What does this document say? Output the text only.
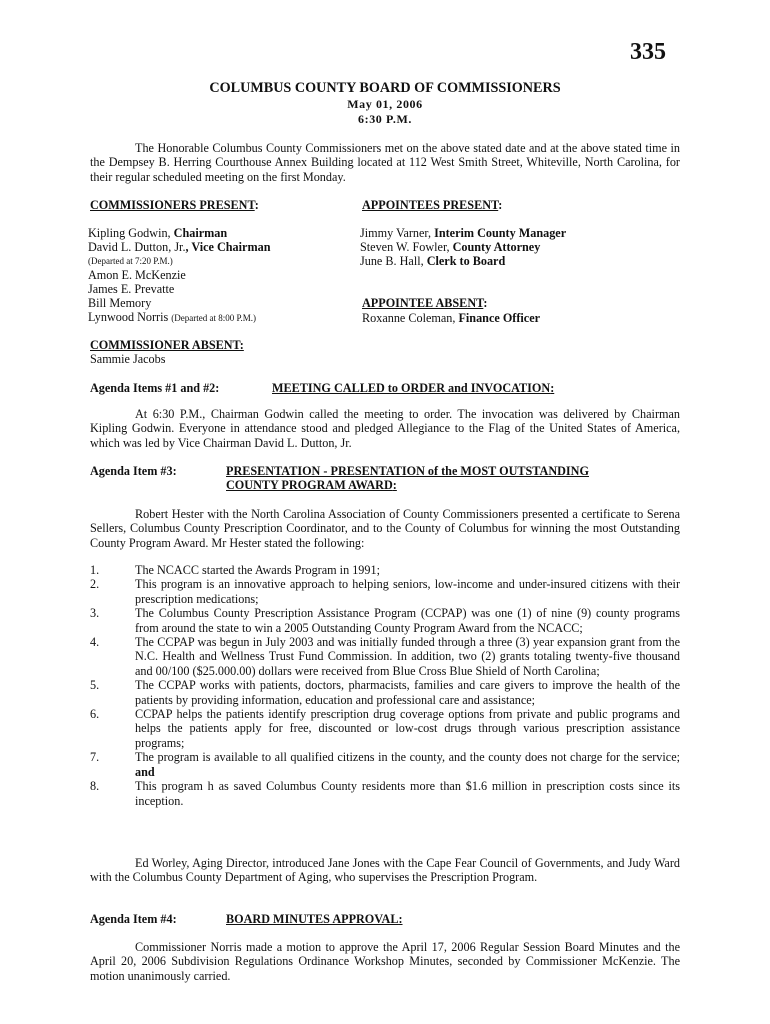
335
COLUMBUS COUNTY BOARD OF COMMISSIONERS
May 01, 2006
6:30 P.M.

The Honorable Columbus County Commissioners met on the above stated date and at the above stated time in the Dempsey B. Herring Courthouse Annex Building located at 112 West Smith Street, Whiteville, North Carolina, for their regular scheduled meeting on the first Monday.

COMMISSIONERS PRESENT:
Kipling Godwin, Chairman
David L. Dutton, Jr., Vice Chairman
(Departed at 7:20 P.M.)
Amon E. McKenzie
James E. Prevatte
Bill Memory
Lynwood Norris (Departed at 8:00 P.M.)
APPOINTEES PRESENT:
Jimmy Varner, Interim County Manager
Steven W. Fowler, County Attorney
June B. Hall, Clerk to Board
APPOINTEE ABSENT:
Roxanne Coleman, Finance Officer
COMMISSIONER ABSENT:
Sammie Jacobs
Agenda Items #1 and #2:	MEETING CALLED to ORDER and INVOCATION:

At 6:30 P.M., Chairman Godwin called the meeting to order. The invocation was delivered by Chairman Kipling Godwin. Everyone in attendance stood and pledged Allegiance to the Flag of the United States of America, which was led by Vice Chairman David L. Dutton, Jr.

Agenda Item #3:	PRESENTATION - PRESENTATION of the MOST OUTSTANDING
COUNTY PROGRAM AWARD:

Robert Hester with the North Carolina Association of County Commissioners presented a certificate to Serena Sellers, Columbus County Prescription Coordinator, and to the County of Columbus for winning the most Outstanding County Program Award. Mr Hester stated the following:

1.	The NCACC started the Awards Program in 1991;
2.	This program is an innovative approach to helping seniors, low-income and under-insured citizens with their prescription medications;
3.	The Columbus County Prescription Assistance Program (CCPAP) was one (1) of nine (9) county programs from around the state to win a 2005 Outstanding County Program Award from the NCACC;
4.	The CCPAP was begun in July 2003 and was initially funded through a three (3) year expansion grant from the N.C. Health and Wellness Trust Fund Commission. In addition, two (2) grants totaling twenty-five thousand and 00/100 ($25.000.00) dollars were received from Blue Cross Blue Shield of North Carolina;
5.	The CCPAP works with patients, doctors, pharmacists, families and care givers to improve the health of the patients by providing information, education and professional care and assistance;
6.	CCPAP helps the patients identify prescription drug coverage options from private and public programs and helps the patients apply for free, discounted or low-cost drugs through various prescription assistance programs;
7.	The program is available to all qualified citizens in the county, and the county does not charge for the service; and
8.	This program h as saved Columbus County residents more than $1.6 million in prescription costs since its inception.

Ed Worley, Aging Director, introduced Jane Jones with the Cape Fear Council of Governments, and Judy Ward with the Columbus County Department of Aging, who supervises the Prescription Program.

Agenda Item #4:	BOARD MINUTES APPROVAL:

Commissioner Norris made a motion to approve the April 17, 2006 Regular Session Board Minutes and the April 20, 2006 Subdivision Regulations Ordinance Workshop Minutes, seconded by Commissioner McKenzie. The motion unanimously carried.
